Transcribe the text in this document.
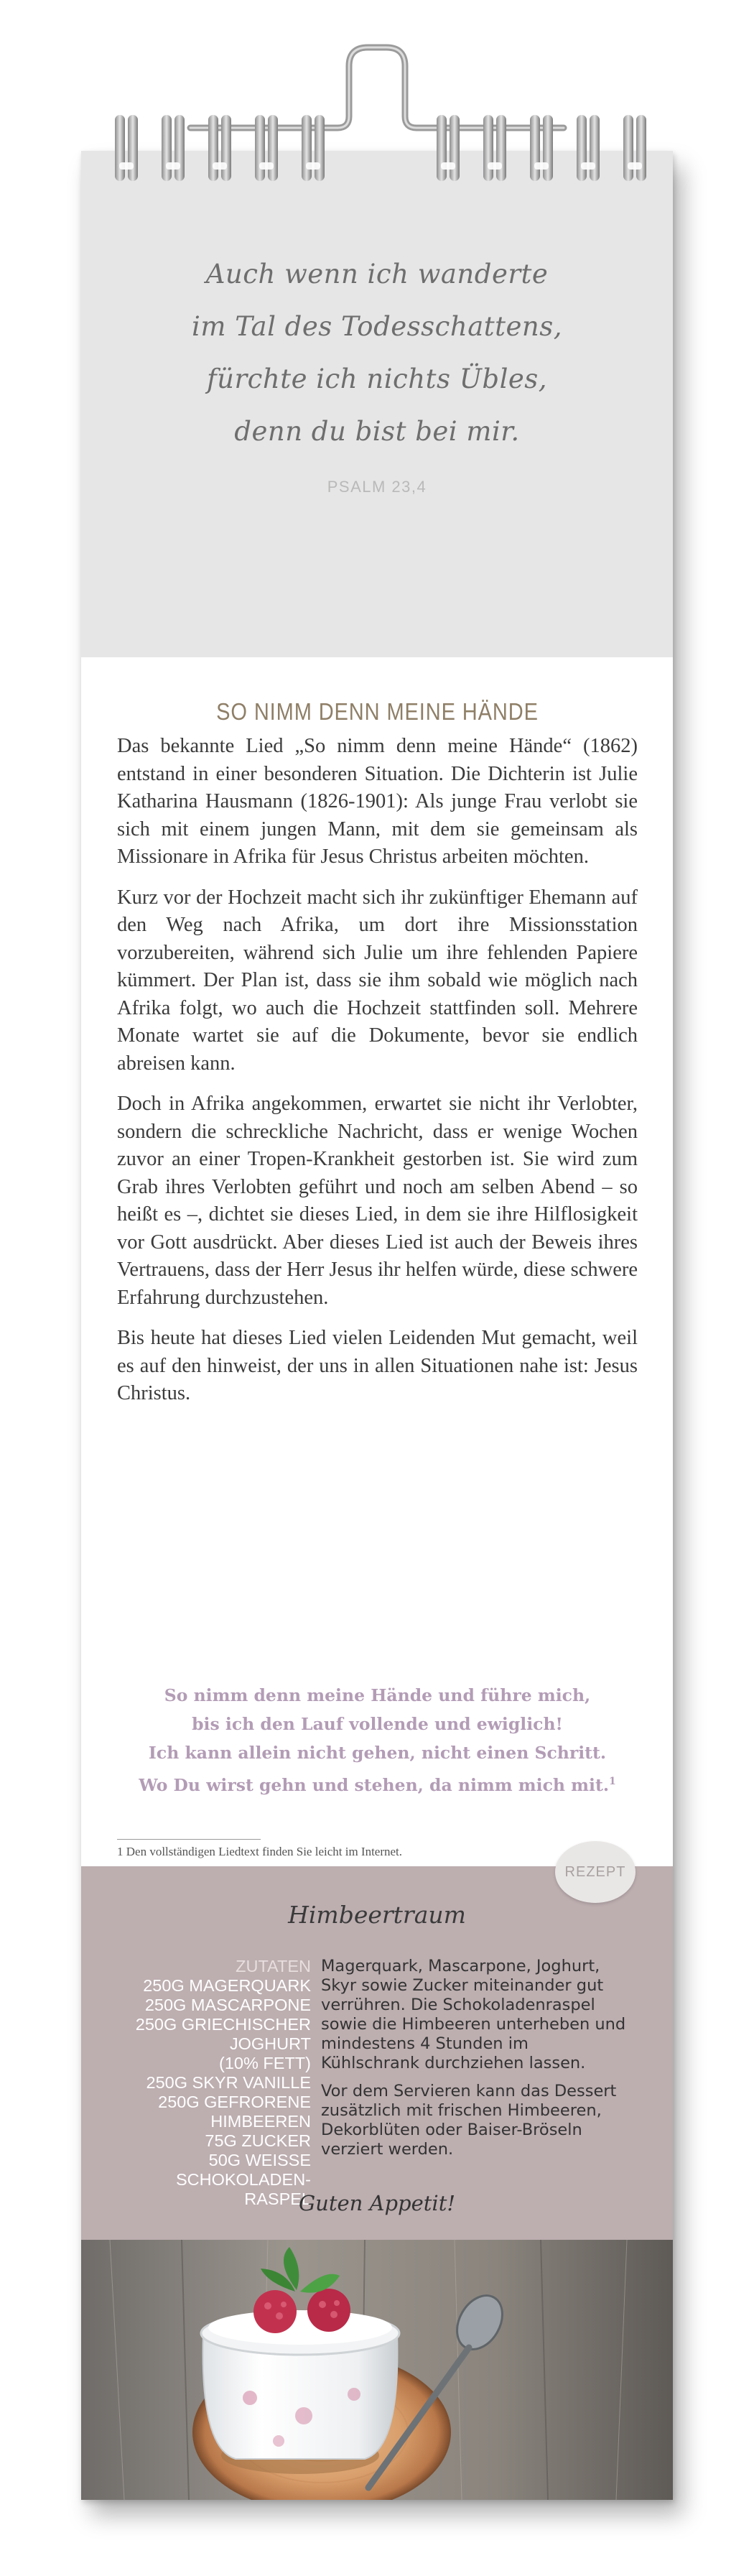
Auch wenn ich wanderte
im Tal des Todesschattens,
fürchte ich nichts Übles,
denn du bist bei mir.

PSALM 23,4
SO NIMM DENN MEINE HÄNDE

Das bekannte Lied „So nimm denn meine Hände“ (1862) entstand in einer besonderen Situation. Die Dichterin ist Julie Katharina Hausmann (1826-1901): Als junge Frau verlobt sie sich mit einem jungen Mann, mit dem sie gemeinsam als Missionare in Afrika für Jesus Christus arbeiten möchten.

Kurz vor der Hochzeit macht sich ihr zukünftiger Ehemann auf den Weg nach Afrika, um dort ihre Missionsstation vorzubereiten, während sich Julie um ihre fehlenden Papiere kümmert. Der Plan ist, dass sie ihm sobald wie möglich nach Afrika folgt, wo auch die Hochzeit stattfinden soll. Mehrere Monate wartet sie auf die Dokumente, bevor sie endlich abreisen kann.

Doch in Afrika angekommen, erwartet sie nicht ihr Verlobter, sondern die schreckliche Nachricht, dass er wenige Wochen zuvor an einer Tropen-Krankheit gestorben ist. Sie wird zum Grab ihres Verlobten geführt und noch am selben Abend – so heißt es –, dichtet sie dieses Lied, in dem sie ihre Hilflosigkeit vor Gott ausdrückt. Aber dieses Lied ist auch der Beweis ihres Vertrauens, dass der Herr Jesus ihr helfen würde, diese schwere Erfahrung durchzustehen.

Bis heute hat dieses Lied vielen Leidenden Mut gemacht, weil es auf den hinweist, der uns in allen Situationen nahe ist: Jesus Christus.

So nimm denn meine Hände und führe mich,
bis ich den Lauf vollende und ewiglich!
Ich kann allein nicht gehen, nicht einen Schritt.
Wo Du wirst gehn und stehen, da nimm mich mit.$^1$
1 Den vollständigen Liedtext finden Sie leicht im Internet.
REZEPT
Himbeertraum
ZUTATEN
250G MAGERQUARK
250G MASCARPONE
250G GRIECHISCHER JOGHURT
(10% FETT)
250G SKYR VANILLE
250G GEFRORENE HIMBEEREN
75G ZUCKER
50G WEISSE SCHOKOLADEN-
RASPEL

Magerquark, Mascarpone, Joghurt, Skyr sowie Zucker miteinander gut verrühren. Die Schokoladenraspel sowie die Himbeeren unterheben und mindestens 4 Stunden im Kühlschrank durchziehen lassen.

Vor dem Servieren kann das Dessert zusätzlich mit frischen Himbeeren, Dekorblüten oder Baiser-Bröseln verziert werden.

Guten Appetit!
